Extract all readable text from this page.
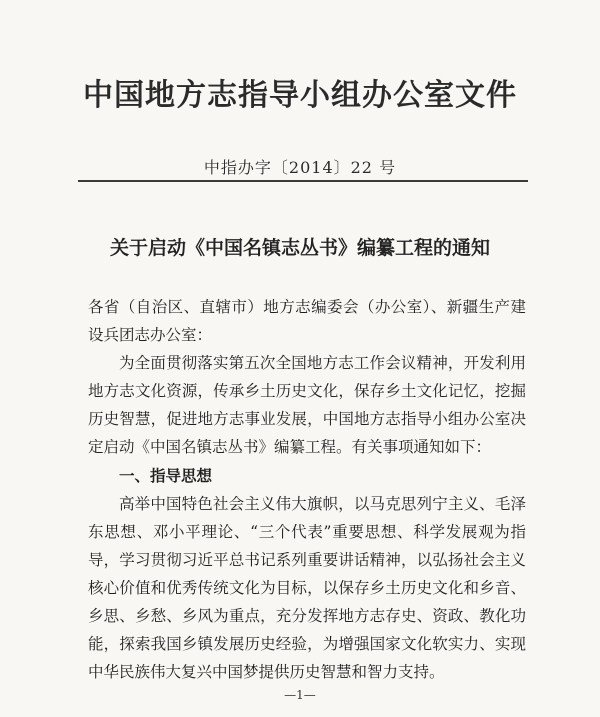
中国地方志指导小组办公室文件
中指办字〔2014〕22 号
关于启动《中国名镇志丛书》编纂工程的通知
各省（自治区、直辖市）地方志编委会（办公室）、新疆生产建
设兵团志办公室：
为全面贯彻落实第五次全国地方志工作会议精神，开发利用
地方志文化资源，传承乡土历史文化，保存乡土文化记忆，挖掘
历史智慧，促进地方志事业发展，中国地方志指导小组办公室决
定启动《中国名镇志丛书》编纂工程。有关事项通知如下：
一、指导思想
高举中国特色社会主义伟大旗帜，以马克思列宁主义、毛泽
东思想、邓小平理论、“三个代表”重要思想、科学发展观为指
导，学习贯彻习近平总书记系列重要讲话精神，以弘扬社会主义
核心价值和优秀传统文化为目标，以保存乡土历史文化和乡音、
乡思、乡愁、乡风为重点，充分发挥地方志存史、资政、教化功
能，探索我国乡镇发展历史经验，为增强国家文化软实力、实现
中华民族伟大复兴中国梦提供历史智慧和智力支持。
—1—
